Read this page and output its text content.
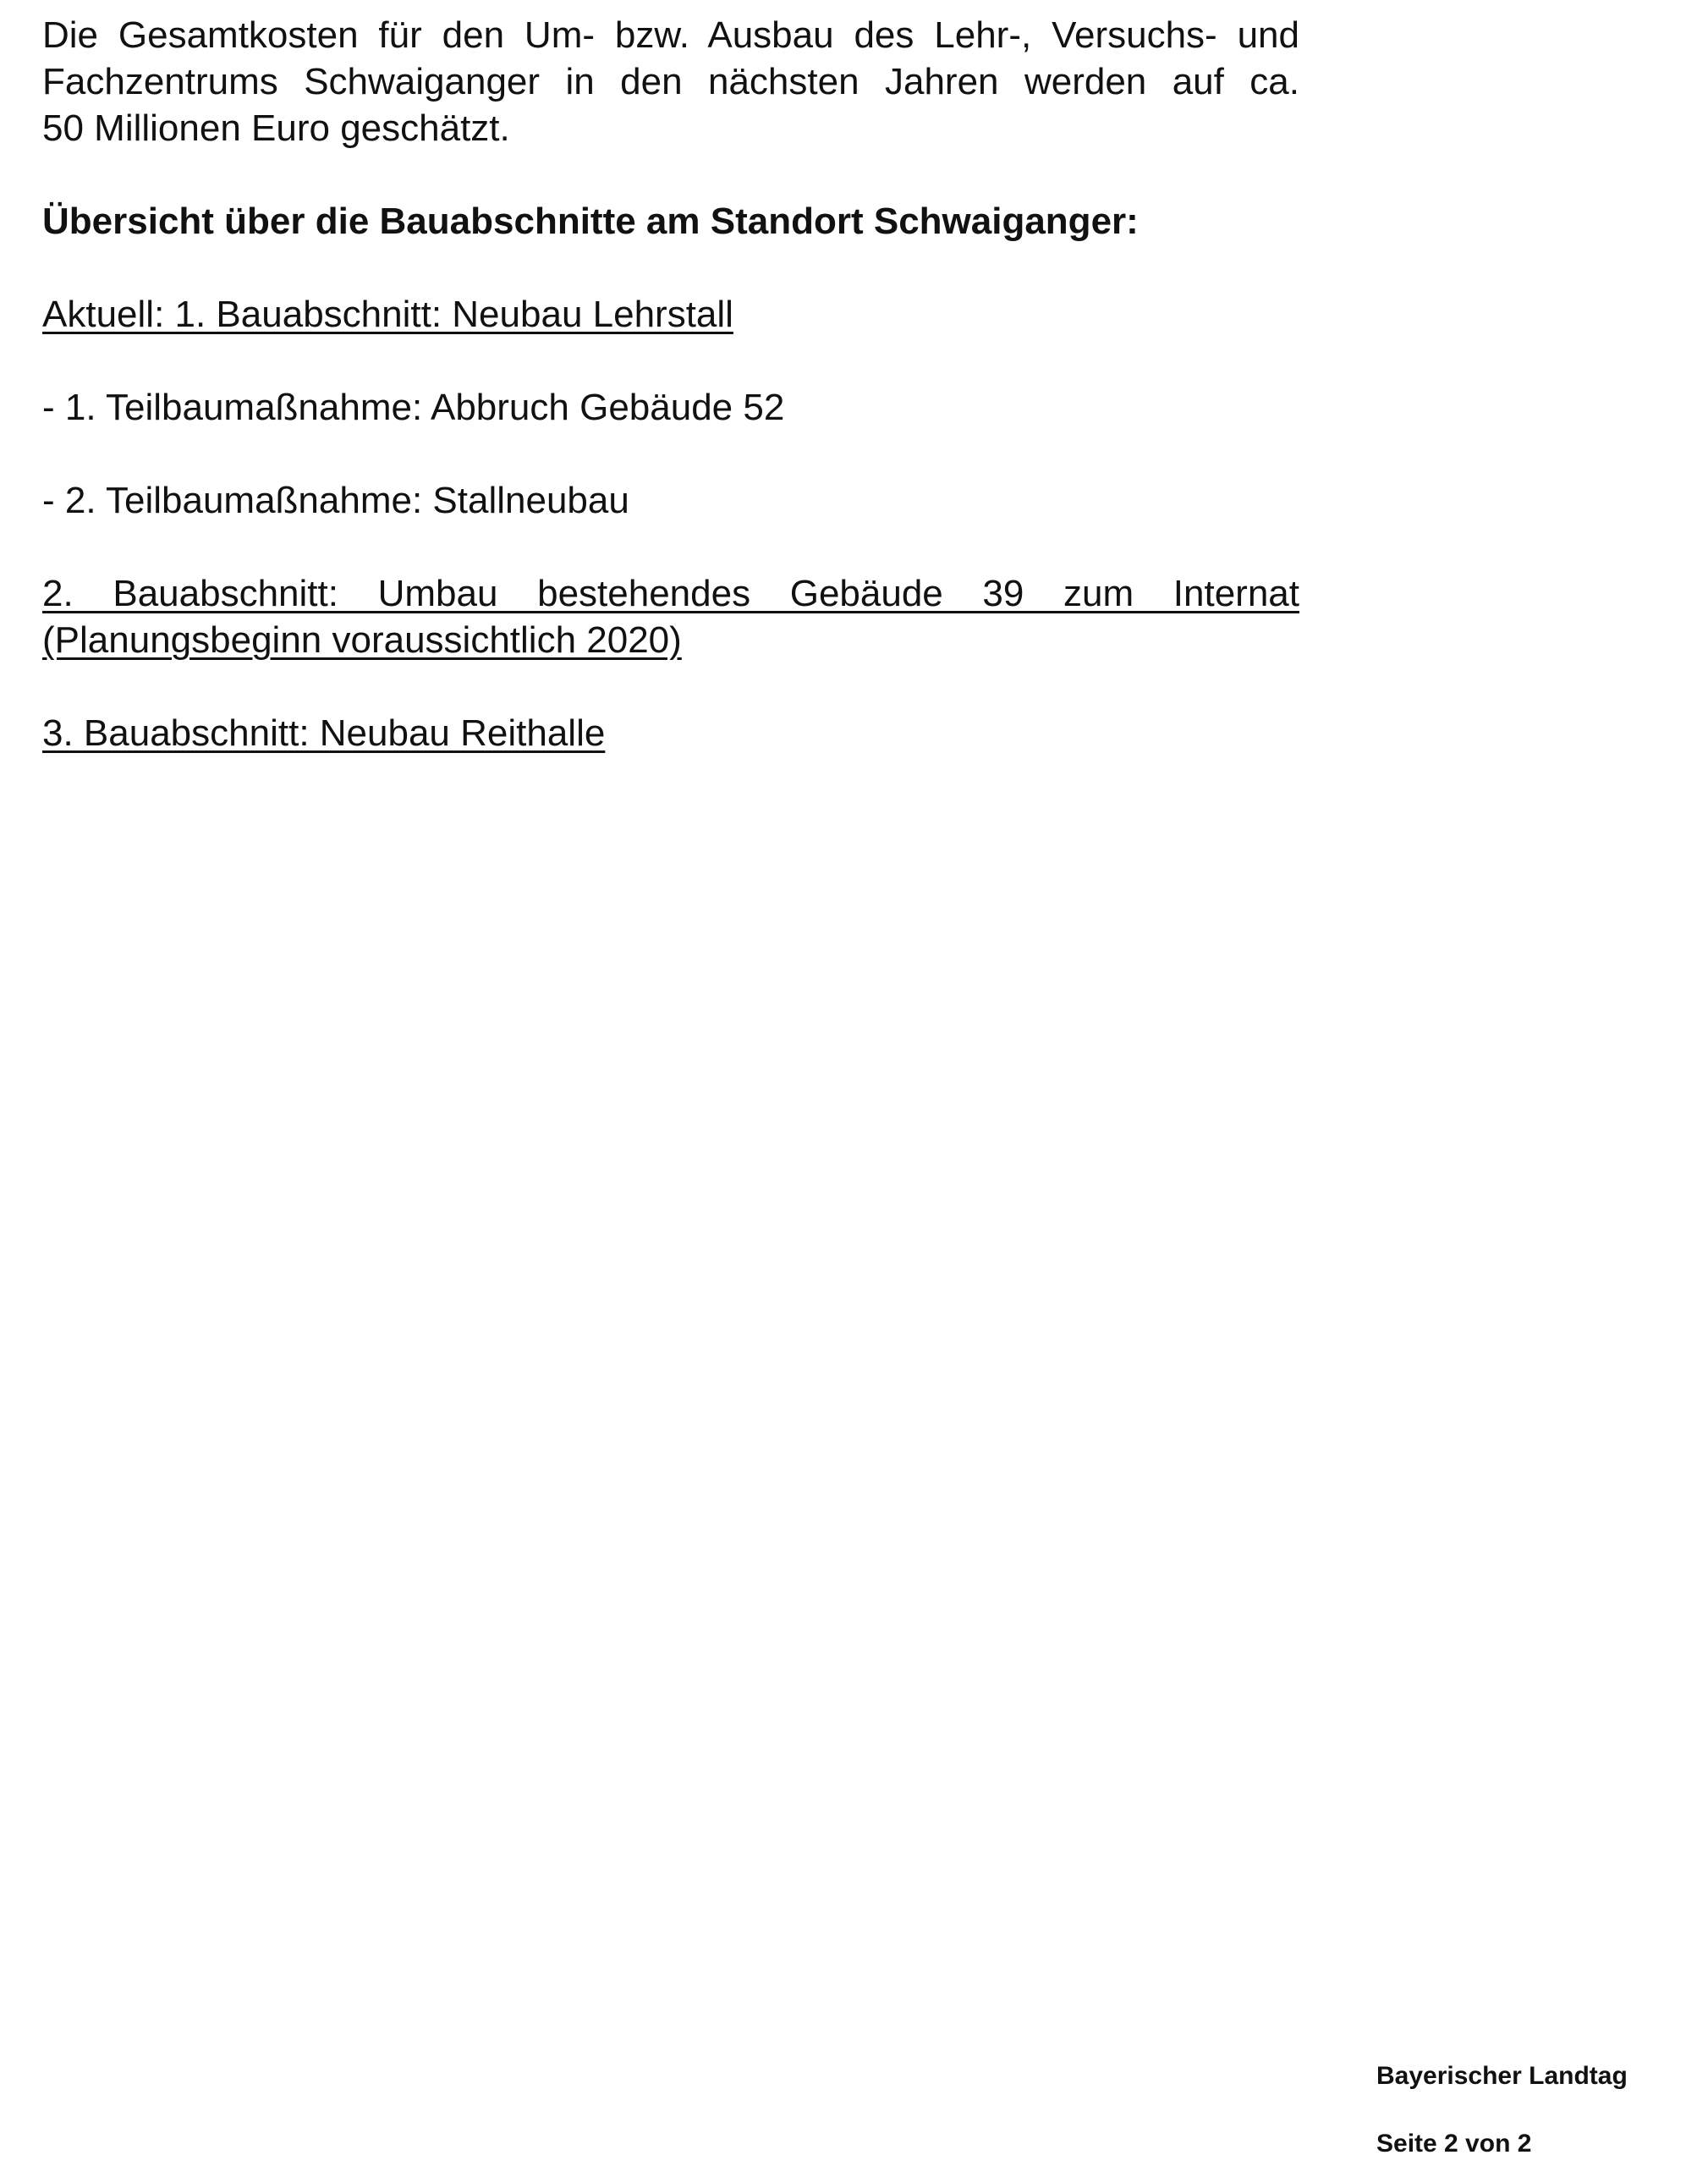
Die Gesamtkosten für den Um- bzw. Ausbau des Lehr-, Versuchs- und
Fachzentrums Schwaiganger in den nächsten Jahren werden auf ca.
50 Millionen Euro geschätzt.
Übersicht über die Bauabschnitte am Standort Schwaiganger:
Aktuell: 1. Bauabschnitt: Neubau Lehrstall
- 1. Teilbaumaßnahme: Abbruch Gebäude 52
- 2. Teilbaumaßnahme: Stallneubau
2. Bauabschnitt: Umbau bestehendes Gebäude 39 zum Internat
(Planungsbeginn voraussichtlich 2020)
3. Bauabschnitt: Neubau Reithalle
Bayerischer Landtag
Seite 2 von 2
